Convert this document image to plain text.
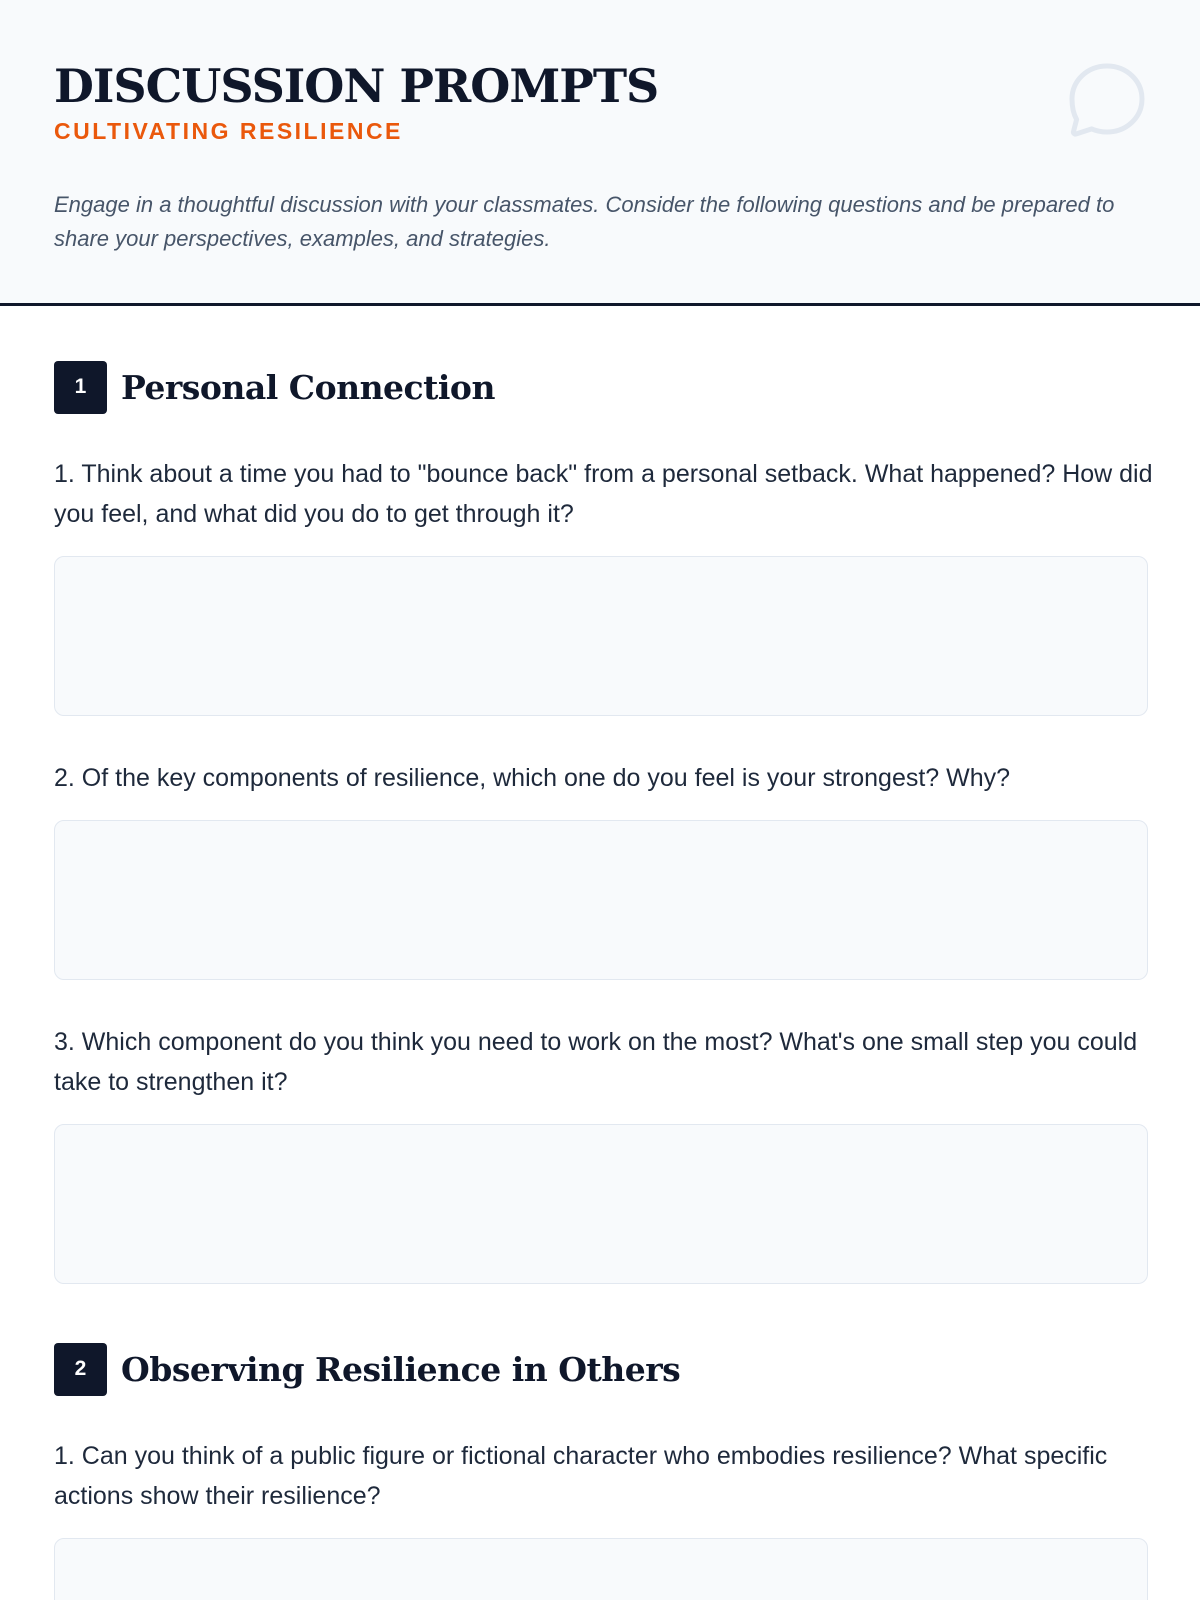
DISCUSSION PROMPTS
CULTIVATING RESILIENCE

Engage in a thoughtful discussion with your classmates. Consider the following questions and be prepared to share your perspectives, examples, and strategies.

1	Personal Connection

1. Think about a time you had to "bounce back" from a personal setback. What happened? How did you feel, and what did you do to get through it?

2. Of the key components of resilience, which one do you feel is your strongest? Why?

3. Which component do you think you need to work on the most? What's one small step you could take to strengthen it?

2	Observing Resilience in Others

1. Can you think of a public figure or fictional character who embodies resilience? What specific actions show their resilience?
